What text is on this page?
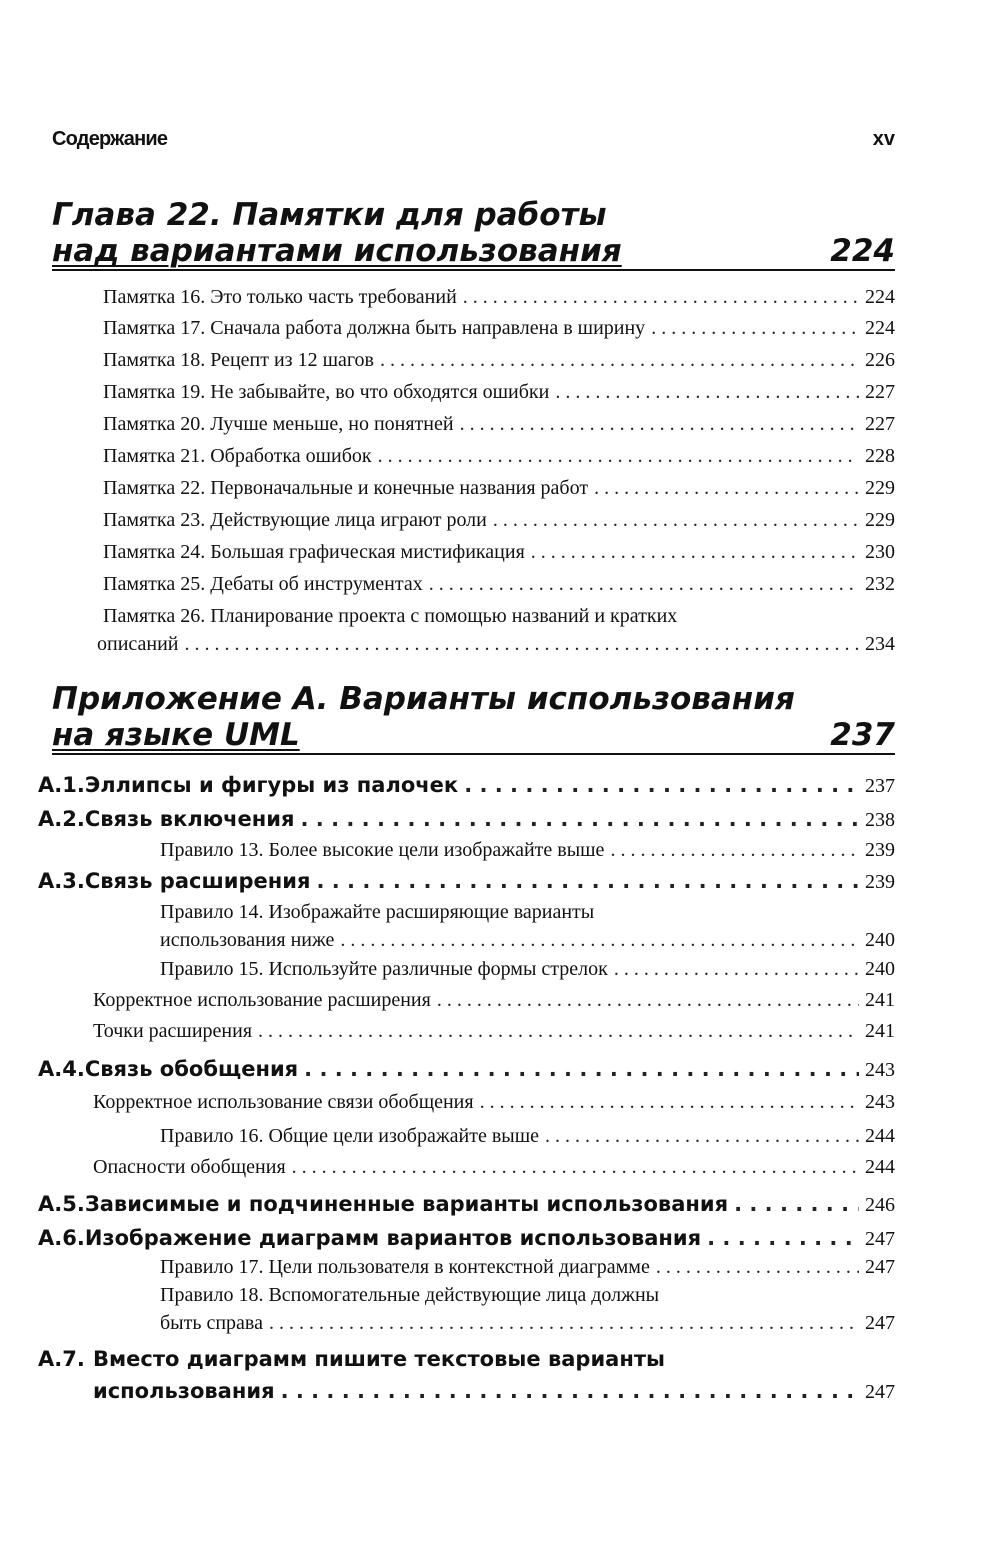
Содержание	xv
Глава 22. Памятки для работы
над вариантами использования	224
Памятка 16. Это только часть требований . . .	224
Памятка 17. Сначала работа должна быть направлена в ширину . . .	224
Памятка 18. Рецепт из 12 шагов . . .	226
Памятка 19. Не забывайте, во что обходятся ошибки . . .	227
Памятка 20. Лучше меньше, но понятней . . .	227
Памятка 21. Обработка ошибок . . .	228
Памятка 22. Первоначальные и конечные названия работ . . .	229
Памятка 23. Действующие лица играют роли . . .	229
Памятка 24. Большая графическая мистификация . . .	230
Памятка 25. Дебаты об инструментах . . .	232
Памятка 26. Планирование проекта с помощью названий и кратких
описаний . . .	234
Приложение А. Варианты использования
на языке UML	237
А.1. Эллипсы и фигуры из палочек . . .	237
А.2. Связь включения . . .	238
Правило 13. Более высокие цели изображайте выше . . .	239
А.3. Связь расширения . . .	239
Правило 14. Изображайте расширяющие варианты
использования ниже . . .	240
Правило 15. Используйте различные формы стрелок . . .	240
Корректное использование расширения . . .	241
Точки расширения . . .	241
А.4. Связь обобщения . . .	243
Корректное использование связи обобщения . . .	243
Правило 16. Общие цели изображайте выше . . .	244
Опасности обобщения . . .	244
А.5. Зависимые и подчиненные варианты использования . . .	246
А.6. Изображение диаграмм вариантов использования . . .	247
Правило 17. Цели пользователя в контекстной диаграмме . . .	247
Правило 18. Вспомогательные действующие лица должны
быть справа . . .	247
А.7. Вместо диаграмм пишите текстовые варианты
использования . . .	247
